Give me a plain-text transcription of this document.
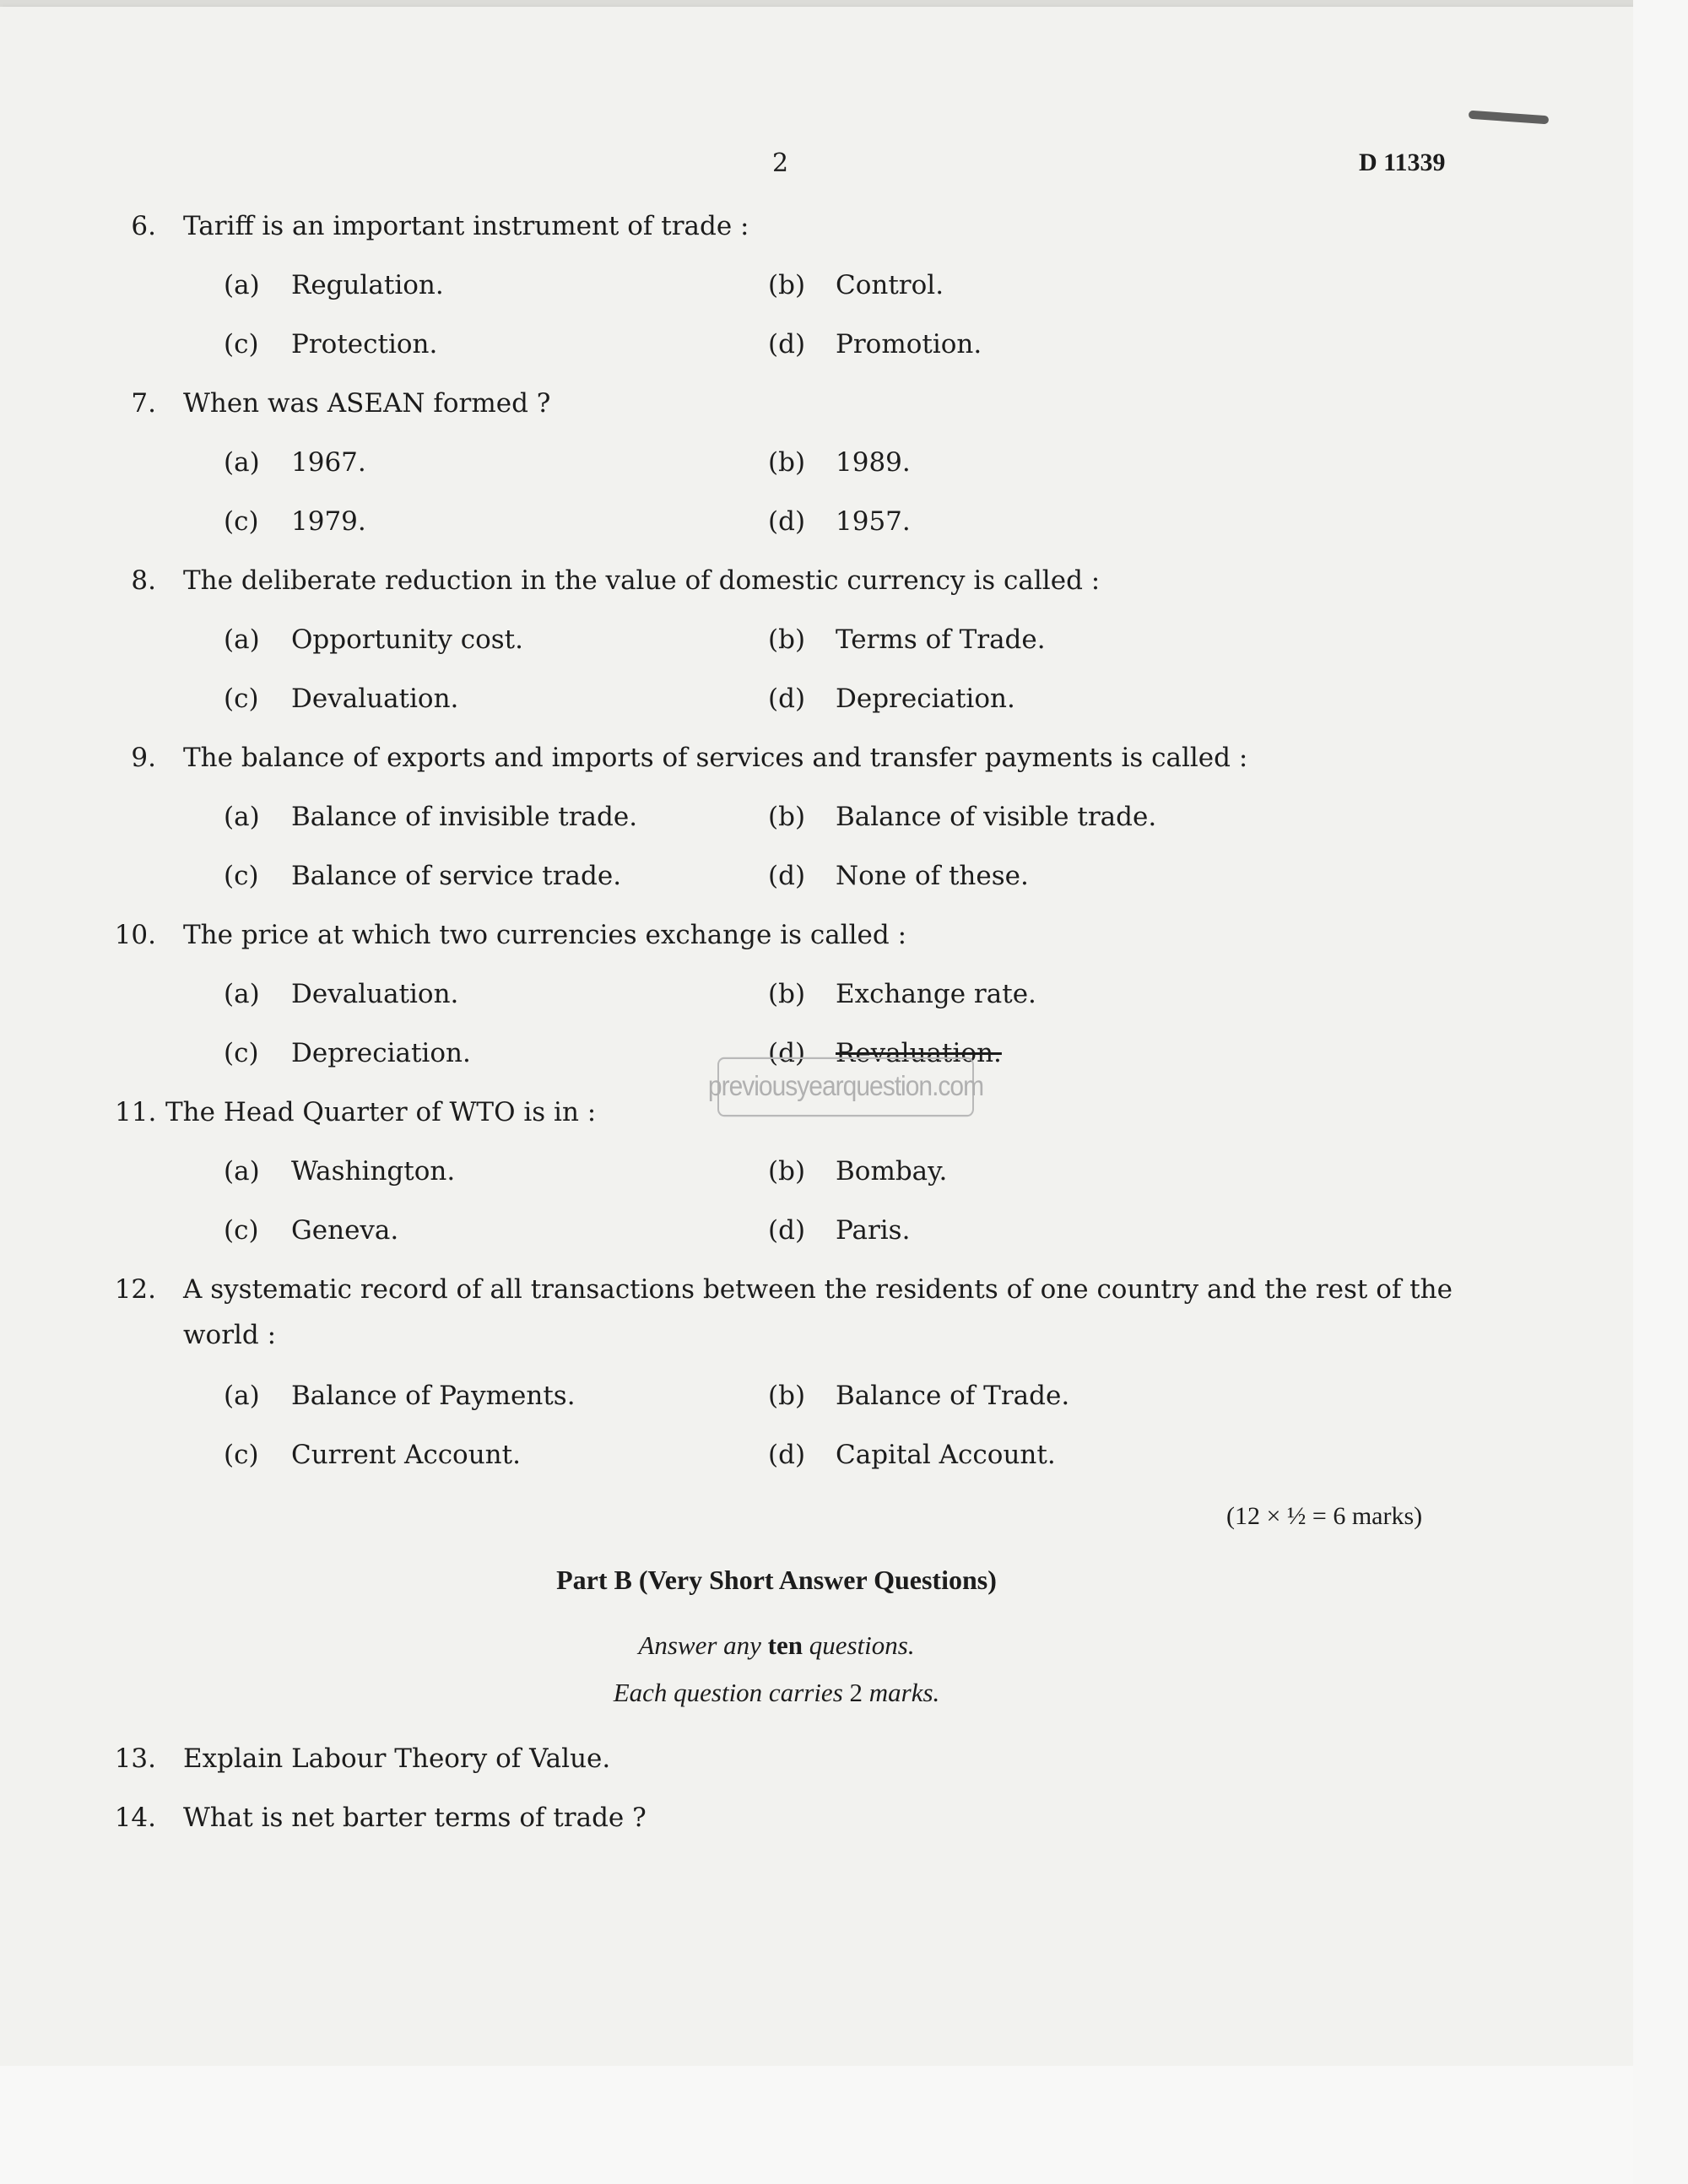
2	D 11339
6. Tariff is an important instrument of trade :
(a) Regulation.	(b) Control.
(c) Protection.	(d) Promotion.
7. When was ASEAN formed ?
(a) 1967.	(b) 1989.
(c) 1979.	(d) 1957.
8. The deliberate reduction in the value of domestic currency is called :
(a) Opportunity cost.	(b) Terms of Trade.
(c) Devaluation.	(d) Depreciation.
9. The balance of exports and imports of services and transfer payments is called :
(a) Balance of invisible trade.	(b) Balance of visible trade.
(c) Balance of service trade.	(d) None of these.
10. The price at which two currencies exchange is called :
(a) Devaluation.	(b) Exchange rate.
(c) Depreciation.	(d) Revaluation.
previousyearquestion.com
11. The Head Quarter of WTO is in :
(a) Washington.	(b) Bombay.
(c) Geneva.	(d) Paris.
12. A systematic record of all transactions between the residents of one country and the rest of the
world :
(a) Balance of Payments.	(b) Balance of Trade.
(c) Current Account.	(d) Capital Account.
(12 × ½ = 6 marks)
Part B (Very Short Answer Questions)
Answer any ten questions.
Each question carries 2 marks.
13. Explain Labour Theory of Value.
14. What is net barter terms of trade ?
